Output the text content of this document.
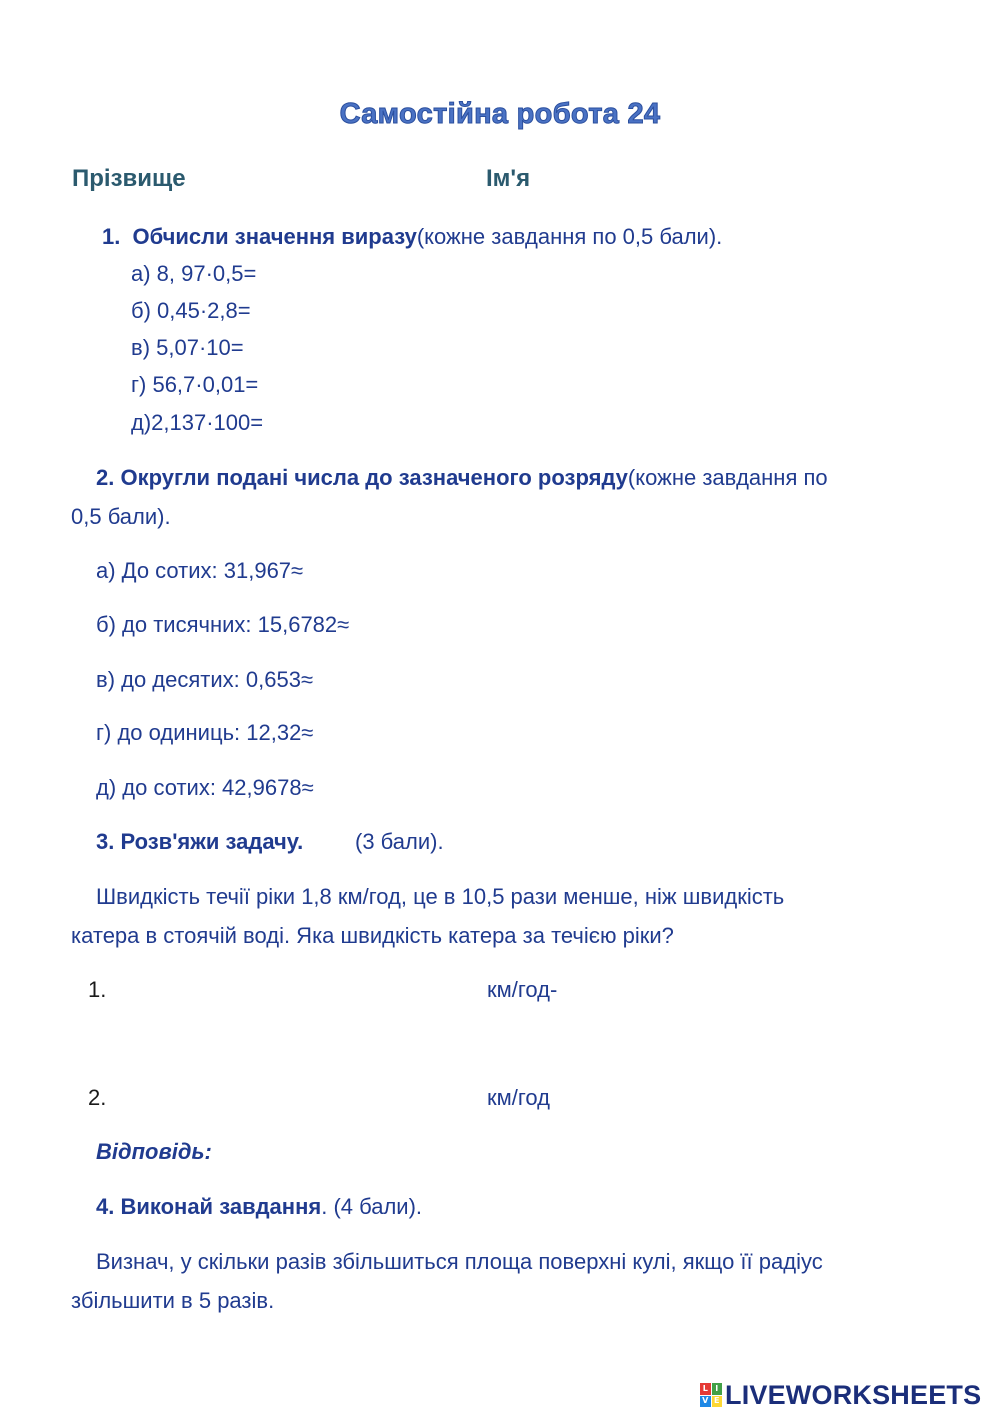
Самостійна робота 24
Прізвище	Ім'я
1. Обчисли значення виразу(кожне завдання по 0,5 бали).
а) 8, 97·0,5=
б) 0,45·2,8=
в) 5,07·10=
г) 56,7·0,01=
д)2,137·100=
2. Округли подані числа до зазначеного розряду(кожне завдання по
0,5 бали).
а) До сотих: 31,967≈
б) до тисячних: 15,6782≈
в) до десятих: 0,653≈
г) до одиниць: 12,32≈
д) до сотих: 42,9678≈
3. Розв'яжи задачу. (3 бали).
Швидкість течії ріки 1,8 км/год, це в 10,5 рази менше, ніж швидкість
катера в стоячій воді. Яка швидкість катера за течією ріки?
1.	км/год-
2.	км/год
Відповідь:
4. Виконай завдання. (4 бали).
Визнач, у скільки разів збільшиться площа поверхні кулі, якщо її радіус
збільшити в 5 разів.
L I
V E LIVEWORKSHEETS
